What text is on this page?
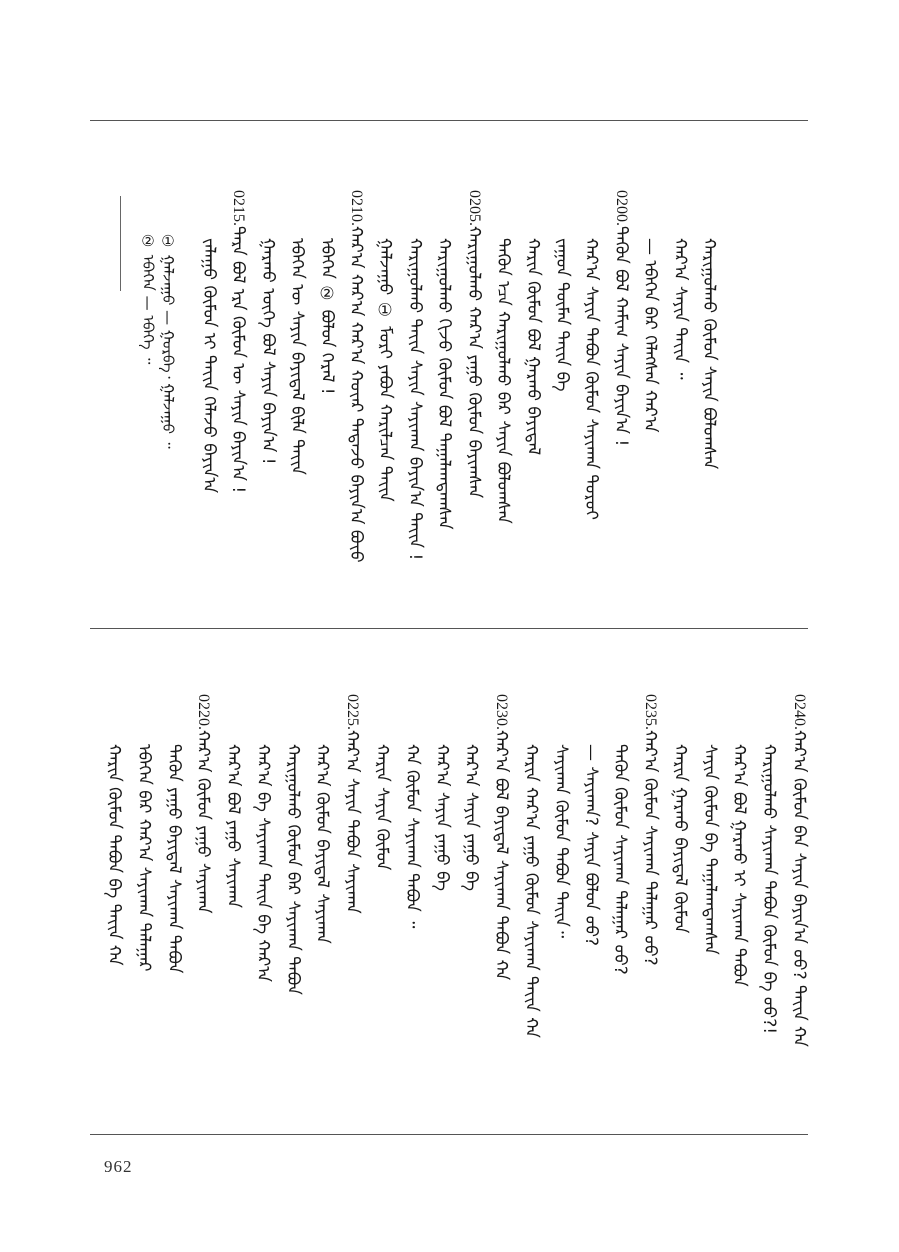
② ᠡᠪᠡᠭᠡᠨ — ᠡᠪᠡᠭᠡ ᠃
① ᠭᠠᠯᠵᠠᠭᠤ — ᠭᠤᠷᠪᠠ᠂ ᠭᠠᠯᠵᠠᠭᠤ ᠃ ᠵᠠᠯᠠᠭᠤ ᠬᠦᠮᠦᠨ ᠢ ᠲᠡᠶ᠋ᠢᠨ ᠬᠡᠯᠡᠵᠦ ᠪᠠᠶᠢᠨ᠎ᠠ
0215.ᠲᠡᠷᠡ ᠪᠣᠯ ᠡᠷᠡ ᠬᠦᠮᠦᠨ ᠦ ᠰᠠᠶᠢᠨ ᠪᠠᠶᠢᠨ᠎ᠠ ! ᠭᠠᠷᠬᠤ ᠦᠭᠡ ᠪᠣᠯ ᠰᠠᠶᠢᠨ ᠪᠠᠶᠢᠨ᠎ᠠ ! ᠡᠪᠡᠭᠡᠨ ᠦ ᠰᠠᠶᠢᠨ ᠪᠠᠶᠢᠳᠠᠯ ᠪᠢᠯᠡ ᠲᠡᠶ᠋ᠢᠨ ᠡᠪᠡᠭᠡᠨ ② ᠪᠣᠯᠤᠨ ᠭᠡᠷᠡᠯ !
0210.ᠬᠠᠷ᠎ᠠ ᠬᠠᠷ᠎ᠠ ᠬᠠᠷ᠎ᠠ ᠬᠣᠶ᠋ᠠᠷ ᠲᠠᠲᠠᠵᠤ ᠪᠠᠶᠢᠨ᠎ᠠ ᠪᠤᠶ᠋ᠤ ᠭᠠᠯᠵᠠᠭᠤ ① ᠮᠣᠷᠢ ᠶᠠᠪᠤᠨ ᠬᠠᠷᠢᠯᠴᠠᠨ ᠲᠡᠶ᠋ᠢᠨ ᠬᠠᠷᠢᠭᠤᠯᠬᠤ ᠲᠡᠶ᠋ᠢᠨ ᠰᠠᠶᠢᠨ ᠰᠠᠶᠢᠬᠠᠨ ᠪᠠᠶᠢᠨ᠎ᠠ ᠲᠡᠶ᠋ᠢᠨ ! ᠬᠠᠷᠢᠭᠤᠯᠬᠤ ᠬᠢᠵᠦ ᠬᠦᠮᠦᠨ ᠪᠣᠯ ᠲᠠᠭᠠᠯᠠᠭᠳᠠᠭᠰᠠᠨ
0205.ᠬᠠᠷᠢᠭᠤᠯᠬᠤ ᠬᠠᠷ᠎ᠠ ᠶᠠᠭᠤ ᠬᠦᠮᠦᠨ ᠪᠠᠶᠢᠭᠰᠠᠨ ᠲᠡᠭᠦᠨ ᠡᠴᠡ ᠬᠠᠷᠢᠭᠤᠯᠬᠤ ᠪᠠᠷ ᠰᠠᠶᠢᠨ ᠪᠣᠯᠤᠭᠰᠠᠨ ᠬᠠᠷᠢᠨ ᠬᠦᠮᠦᠨ ᠪᠣᠯ ᠭᠠᠷᠬᠤ ᠪᠠᠶᠢᠳᠠᠯ ᠵᠠᠭᠤᠨ ᠲᠦᠮᠡᠨ ᠲᠡᠶ᠋ᠢᠨ ᠪᠠ ᠬᠠᠷ᠎ᠠ ᠰᠠᠶᠢᠨ ᠲᠠᠪᠤᠨ ᠬᠦᠮᠦᠨ ᠰᠠᠶᠢᠬᠠᠨ ᠳᠣᠷᠤᠢ
0200.ᠲᠡᠭᠦᠨ ᠪᠣᠯ ᠬᠠᠮᠢᠭ ᠰᠠᠶᠢᠨ ᠪᠠᠶᠢᠨ᠎ᠠ ! — ᠡᠪᠡᠭᠡᠨ ᠪᠠᠷ ᠬᠡᠯᠡᠭᠰᠡᠨ ᠬᠠᠷ᠎ᠠ ᠬᠠᠷ᠎ᠠ ᠰᠠᠶᠢᠨ ᠲᠡᠶ᠋ᠢᠨ ᠃ ᠬᠠᠷᠢᠭᠤᠯᠬᠤ ᠬᠦᠮᠦᠨ ᠰᠠᠶᠢᠨ ᠪᠣᠯᠤᠭᠰᠠᠨ
0240.ᠬᠠᠷ᠎ᠠ ᠬᠦᠮᠦᠨ ᠪᠡᠨ ᠰᠠᠶᠢᠨ ᠪᠠᠶᠢᠨ᠎ᠠ ᠤᠤ? ᠲᠡᠶ᠋ᠢᠨ ᠬᠠ
ᠬᠠᠷᠢᠭᠤᠯᠬᠤ ᠰᠠᠶᠢᠬᠠᠨ ᠲᠠᠪᠤᠨ ᠬᠦᠮᠦᠨ ᠪᠠ ᠤᠤ?!
ᠬᠠᠷ᠎ᠠ ᠪᠣᠯ ᠭᠠᠷᠬᠤ ᠢ ᠰᠠᠶᠢᠬᠠᠨ ᠲᠠᠪᠤᠨ
ᠰᠠᠶᠢᠨ ᠬᠦᠮᠦᠨ ᠪᠠ ᠲᠠᠭᠠᠯᠠᠭᠳᠠᠭᠰᠠᠨ
ᠬᠠᠷᠢᠨ ᠭᠠᠷᠬᠤ ᠪᠠᠶᠢᠳᠠᠯ ᠬᠦᠮᠦᠨ
0235.ᠬᠠᠷ᠎ᠠ ᠬᠦᠮᠦᠨ ᠰᠠᠶᠢᠬᠠᠨ ᠲᠠᠯᠠᠭᠠᠷ ᠤᠤ?
ᠲᠡᠭᠦᠨ ᠬᠦᠮᠦᠨ ᠰᠠᠶᠢᠬᠠᠨ ᠲᠠᠯᠠᠭᠠᠷ ᠤᠤ?
— ᠰᠠᠶᠢᠬᠠᠨ? ᠰᠠᠶᠢᠨ ᠪᠣᠯᠤᠨ ᠤᠤ?
ᠰᠠᠶᠢᠬᠠᠨ ᠬᠦᠮᠦᠨ ᠲᠠᠪᠤᠨ ᠲᠡᠶ᠋ᠢᠨ᠃
ᠬᠠᠷᠢᠨ ᠬᠠᠷ᠎ᠠ ᠶᠠᠭᠤ ᠬᠦᠮᠦᠨ ᠰᠠᠶᠢᠬᠠᠨ ᠲᠡᠶ᠋ᠢᠨ ᠬᠠ
0230.ᠬᠠᠷ᠎ᠠ ᠪᠣᠯ ᠪᠠᠶᠢᠳᠠᠯ ᠰᠠᠶᠢᠬᠠᠨ ᠲᠠᠪᠤᠨ ᠬᠠ
ᠬᠠᠷ᠎ᠠ ᠰᠠᠶᠢᠨ ᠶᠠᠭᠤ ᠪᠠ
ᠬᠠᠷ᠎ᠠ ᠰᠠᠶᠢᠨ ᠶᠠᠭᠤ ᠪᠠ
ᠬᠠ ᠬᠦᠮᠦᠨ ᠰᠠᠶᠢᠬᠠᠨ ᠲᠠᠪᠤᠨ ᠃
ᠬᠠᠷᠢᠨ ᠰᠠᠶᠢᠨ ᠬᠦᠮᠦᠨ
0225.ᠬᠠᠷ᠎ᠠ ᠰᠠᠶᠢᠨ ᠲᠠᠪᠤᠨ ᠰᠠᠶᠢᠬᠠᠨ
ᠬᠠᠷ᠎ᠠ ᠬᠦᠮᠦᠨ ᠪᠠᠶᠢᠳᠠᠯ ᠰᠠᠶᠢᠬᠠᠨ
ᠬᠠᠷᠢᠭᠤᠯᠬᠤ ᠬᠦᠮᠦᠨ ᠪᠠᠷ ᠰᠠᠶᠢᠬᠠᠨ ᠲᠠᠪᠤᠨ
ᠬᠠᠷ᠎ᠠ ᠪᠠ ᠰᠠᠶᠢᠬᠠᠨ ᠲᠡᠶ᠋ᠢᠨ ᠪᠠ ᠬᠠᠷ᠎ᠠ
ᠬᠠᠷ᠎ᠠ ᠪᠣᠯ ᠶᠠᠭᠤ ᠰᠠᠶᠢᠬᠠᠨ
0220.ᠬᠠᠷ᠎ᠠ ᠬᠦᠮᠦᠨ ᠶᠠᠭᠤ ᠰᠠᠶᠢᠬᠠᠨ
ᠲᠡᠭᠦᠨ ᠶᠠᠭᠤ ᠪᠠᠶᠢᠳᠠᠯ ᠰᠠᠶᠢᠬᠠᠨ ᠲᠠᠪᠤᠨ
ᠡᠪᠡᠭᠡᠨ ᠪᠠᠷ ᠬᠠᠷ᠎ᠠ ᠰᠠᠶᠢᠬᠠᠨ ᠲᠠᠯᠠᠭᠠᠷ
ᠬᠠᠷᠢᠨ ᠬᠦᠮᠦᠨ ᠲᠠᠪᠤᠨ ᠪᠠ ᠲᠡᠶ᠋ᠢᠨ ᠬᠠ
962
